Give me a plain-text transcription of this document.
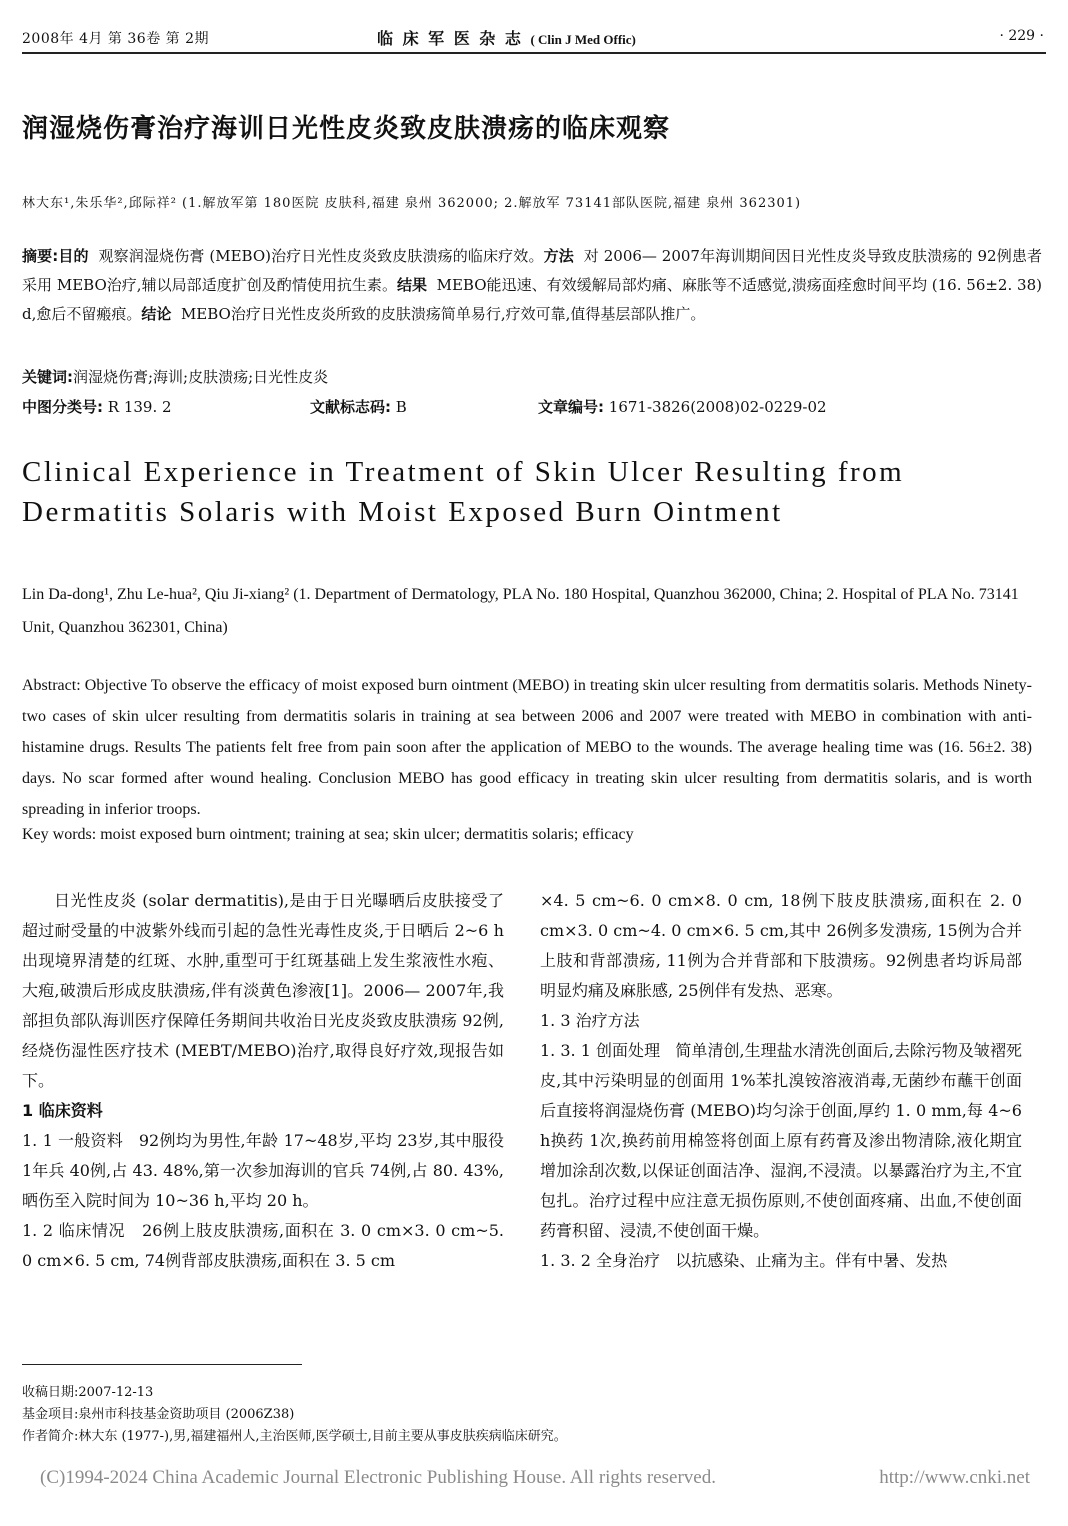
2008年 4月 第 36卷 第 2期	临 床 军 医 杂 志 ( Clin J Med Offic)	· 229 ·
润湿烧伤膏治疗海训日光性皮炎致皮肤溃疡的临床观察
林大东¹,朱乐华²,邱际祥² (1.解放军第 180医院 皮肤科,福建 泉州 362000; 2.解放军 73141部队医院,福建 泉州 362301)
摘要:目的 观察润湿烧伤膏 (MEBO)治疗日光性皮炎致皮肤溃疡的临床疗效。方法 对 2006— 2007年海训期间因日光性皮炎导致皮肤溃疡的 92例患者采用 MEBO治疗,辅以局部适度扩创及酌情使用抗生素。结果 MEBO能迅速、有效缓解局部灼痛、麻胀等不适感觉,溃疡面痊愈时间平均 (16. 56±2. 38) d,愈后不留瘢痕。结论 MEBO治疗日光性皮炎所致的皮肤溃疡简单易行,疗效可靠,值得基层部队推广。
关键词:润湿烧伤膏;海训;皮肤溃疡;日光性皮炎
中图分类号: R 139. 2	文献标志码: B	文章编号: 1671-3826(2008)02-0229-02
Clinical Experience in Treatment of Skin Ulcer Resulting from Dermatitis Solaris with Moist Exposed Burn Ointment
Lin Da-dong¹, Zhu Le-hua², Qiu Ji-xiang² (1. Department of Dermatology, PLA No. 180 Hospital, Quanzhou 362000, China; 2. Hospital of PLA No. 73141 Unit, Quanzhou 362301, China)
Abstract: Objective To observe the efficacy of moist exposed burn ointment (MEBO) in treating skin ulcer resulting from dermatitis solaris. Methods Ninety-two cases of skin ulcer resulting from dermatitis solaris in training at sea between 2006 and 2007 were treated with MEBO in combination with anti-histamine drugs. Results The patients felt free from pain soon after the application of MEBO to the wounds. The average healing time was (16. 56±2. 38) days. No scar formed after wound healing. Conclusion MEBO has good efficacy in treating skin ulcer resulting from dermatitis solaris, and is worth spreading in inferior troops.
Key words: moist exposed burn ointment; training at sea; skin ulcer; dermatitis solaris; efficacy

日光性皮炎 (solar dermatitis),是由于日光曝晒后皮肤接受了超过耐受量的中波紫外线而引起的急性光毒性皮炎,于日晒后 2~6 h出现境界清楚的红斑、水肿,重型可于红斑基础上发生浆液性水疱、大疱,破溃后形成皮肤溃疡,伴有淡黄色渗液[1]。2006— 2007年,我部担负部队海训医疗保障任务期间共收治日光皮炎致皮肤溃疡 92例,经烧伤湿性医疗技术 (MEBT/MEBO)治疗,取得良好疗效,现报告如下。

1 临床资料

1. 1 一般资料 92例均为男性,年龄 17~48岁,平均 23岁,其中服役 1年兵 40例,占 43. 48%,第一次参加海训的官兵 74例,占 80. 43%,晒伤至入院时间为 10~36 h,平均 20 h。

1. 2 临床情况 26例上肢皮肤溃疡,面积在 3. 0 cm×3. 0 cm~5. 0 cm×6. 5 cm, 74例背部皮肤溃疡,面积在 3. 5 cm

×4. 5 cm~6. 0 cm×8. 0 cm, 18例下肢皮肤溃疡,面积在 2. 0 cm×3. 0 cm~4. 0 cm×6. 5 cm,其中 26例多发溃疡, 15例为合并上肢和背部溃疡, 11例为合并背部和下肢溃疡。92例患者均诉局部明显灼痛及麻胀感, 25例伴有发热、恶寒。

1. 3 治疗方法

1. 3. 1 创面处理 简单清创,生理盐水清洗创面后,去除污物及皱褶死皮,其中污染明显的创面用 1%苯扎溴铵溶液消毒,无菌纱布蘸干创面后直接将润湿烧伤膏 (MEBO)均匀涂于创面,厚约 1. 0 mm,每 4~6 h换药 1次,换药前用棉签将创面上原有药膏及渗出物清除,液化期宜增加涂刮次数,以保证创面洁净、湿润,不浸渍。以暴露治疗为主,不宜包扎。治疗过程中应注意无损伤原则,不使创面疼痛、出血,不使创面药膏积留、浸渍,不使创面干燥。

1. 3. 2 全身治疗 以抗感染、止痛为主。伴有中暑、发热

收稿日期:2007-12-13
基金项目:泉州市科技基金资助项目 (2006Z38)
作者简介:林大东 (1977-),男,福建福州人,主治医师,医学硕士,目前主要从事皮肤疾病临床研究。
(C)1994-2024 China Academic Journal Electronic Publishing House. All rights reserved.	http://www.cnki.net
